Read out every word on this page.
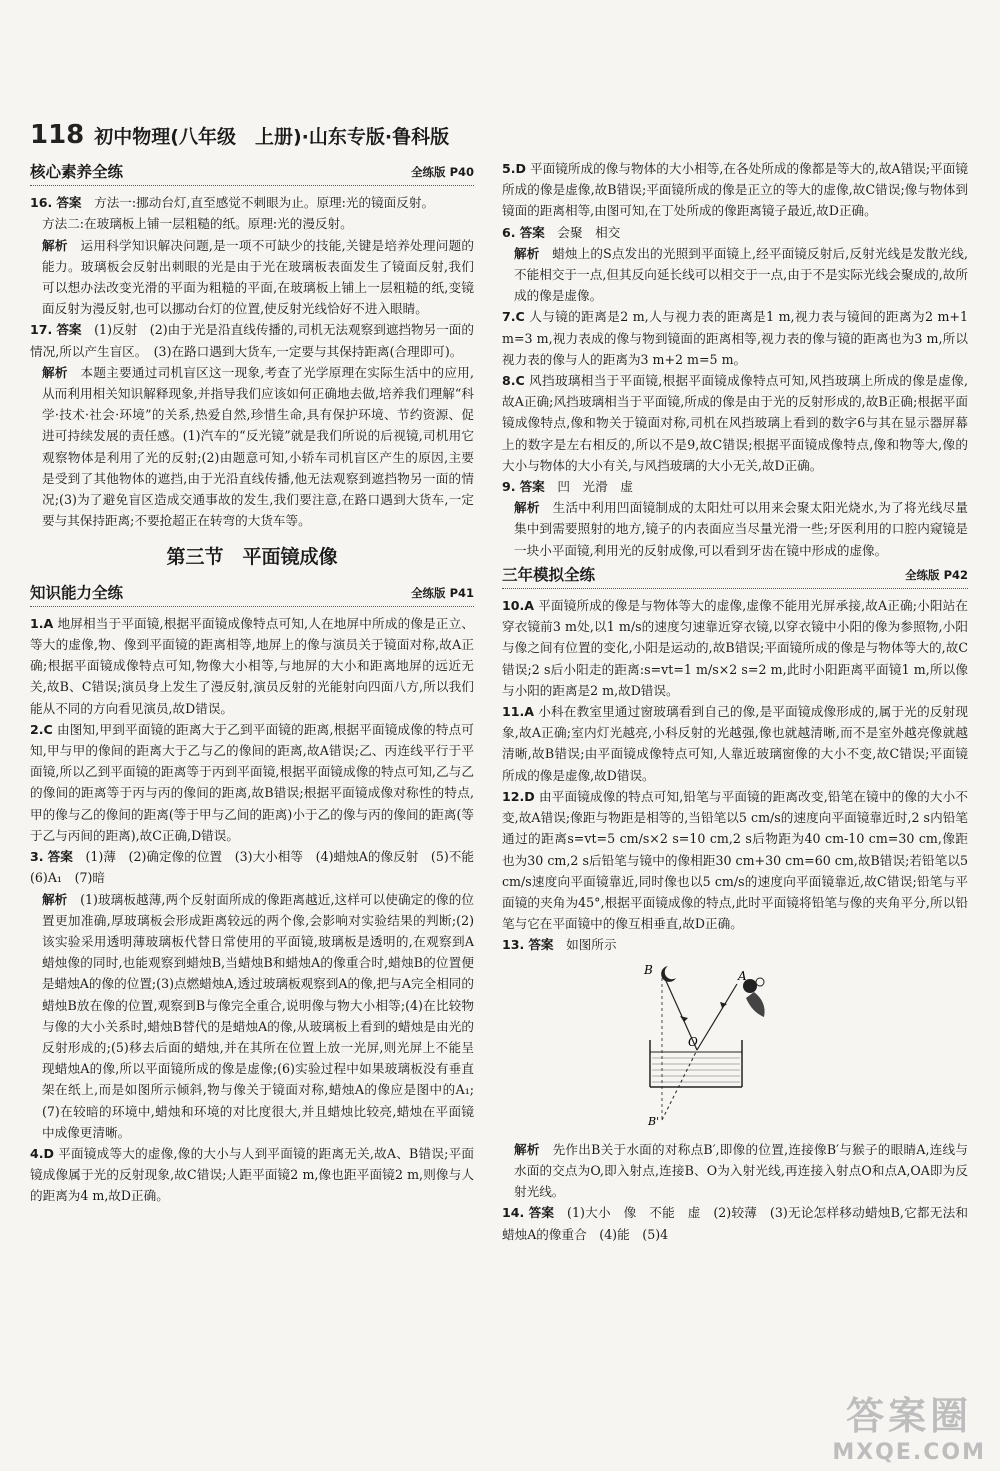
118 初中物理(八年级　上册)·山东专版·鲁科版
核心素养全练	全练版 P40

16. 答案　 方法一:挪动台灯,直至感觉不刺眼为止。原理:光的镜面反射。

方法二:在玻璃板上铺一层粗糙的纸。原理:光的漫反射。

解析　 运用科学知识解决问题,是一项不可缺少的技能,关键是培养处理问题的能力。玻璃板会反射出刺眼的光是由于光在玻璃板表面发生了镜面反射,我们可以想办法改变光滑的平面为粗糙的平面,在玻璃板上铺上一层粗糙的纸,变镜面反射为漫反射,也可以挪动台灯的位置,使反射光线恰好不进入眼睛。

17. 答案　 (1)反射　(2)由于光是沿直线传播的,司机无法观察到遮挡物另一面的情况,所以产生盲区。　(3)在路口遇到大货车,一定要与其保持距离(合理即可)。

解析　 本题主要通过司机盲区这一现象,考查了光学原理在实际生活中的应用,从而利用相关知识解释现象,并指导我们应该如何正确地去做,培养我们理解“科学·技术·社会·环境”的关系,热爱自然,珍惜生命,具有保护环境、节约资源、促进可持续发展的责任感。(1)汽车的“反光镜”就是我们所说的后视镜,司机用它观察物体是利用了光的反射;(2)由题意可知,小轿车司机盲区产生的原因,主要是受到了其他物体的遮挡,由于光沿直线传播,他无法观察到遮挡物另一面的情况;(3)为了避免盲区造成交通事故的发生,我们要注意,在路口遇到大货车,一定要与其保持距离;不要抢超正在转弯的大货车等。

第三节　平面镜成像
知识能力全练	全练版 P41

1.A 地屏相当于平面镜,根据平面镜成像特点可知,人在地屏中所成的像是正立、等大的虚像,物、像到平面镜的距离相等,地屏上的像与演员关于镜面对称,故A正确;根据平面镜成像特点可知,物像大小相等,与地屏的大小和距离地屏的远近无关,故B、C错误;演员身上发生了漫反射,演员反射的光能射向四面八方,所以我们能从不同的方向看见演员,故D错误。

2.C 由图知,甲到平面镜的距离大于乙到平面镜的距离,根据平面镜成像的特点可知,甲与甲的像间的距离大于乙与乙的像间的距离,故A错误;乙、丙连线平行于平面镜,所以乙到平面镜的距离等于丙到平面镜,根据平面镜成像的特点可知,乙与乙的像间的距离等于丙与丙的像间的距离,故B错误;根据平面镜成像对称性的特点,甲的像与乙的像间的距离(等于甲与乙间的距离)小于乙的像与丙的像间的距离(等于乙与丙间的距离),故C正确,D错误。

3. 答案　 (1)薄　(2)确定像的位置　(3)大小相等　(4)蜡烛A的像反射　(5)不能　(6)A₁　(7)暗

解析　 (1)玻璃板越薄,两个反射面所成的像距离越近,这样可以使确定的像的位置更加准确,厚玻璃板会形成距离较远的两个像,会影响对实验结果的判断;(2)该实验采用透明薄玻璃板代替日常使用的平面镜,玻璃板是透明的,在观察到A蜡烛像的同时,也能观察到蜡烛B,当蜡烛B和蜡烛A的像重合时,蜡烛B的位置便是蜡烛A的像的位置;(3)点燃蜡烛A,透过玻璃板观察到A的像,把与A完全相同的蜡烛B放在像的位置,观察到B与像完全重合,说明像与物大小相等;(4)在比较物与像的大小关系时,蜡烛B替代的是蜡烛A的像,从玻璃板上看到的蜡烛是由光的反射形成的;(5)移去后面的蜡烛,并在其所在位置上放一光屏,则光屏上不能呈现蜡烛A的像,所以平面镜所成的像是虚像;(6)实验过程中如果玻璃板没有垂直架在纸上,而是如图所示倾斜,物与像关于镜面对称,蜡烛A的像应是图中的A₁;(7)在较暗的环境中,蜡烛和环境的对比度很大,并且蜡烛比较亮,蜡烛在平面镜中成像更清晰。

4.D 平面镜成等大的虚像,像的大小与人到平面镜的距离无关,故A、B错误;平面镜成像属于光的反射现象,故C错误;人距平面镜2 m,像也距平面镜2 m,则像与人的距离为4 m,故D正确。

5.D 平面镜所成的像与物体的大小相等,在各处所成的像都是等大的,故A错误;平面镜所成的像是虚像,故B错误;平面镜所成的像是正立的等大的虚像,故C错误;像与物体到镜面的距离相等,由图可知,在丁处所成的像距离镜子最近,故D正确。

6. 答案　 会聚　相交

解析　 蜡烛上的S点发出的光照到平面镜上,经平面镜反射后,反射光线是发散光线,不能相交于一点,但其反向延长线可以相交于一点,由于不是实际光线会聚成的,故所成的像是虚像。

7.C 人与镜的距离是2 m,人与视力表的距离是1 m,视力表与镜间的距离为2 m+1 m=3 m,视力表成的像与物到镜面的距离相等,视力表的像与镜的距离也为3 m,所以视力表的像与人的距离为3 m+2 m=5 m。

8.C 风挡玻璃相当于平面镜,根据平面镜成像特点可知,风挡玻璃上所成的像是虚像,故A正确;风挡玻璃相当于平面镜,所成的像是由于光的反射形成的,故B正确;根据平面镜成像特点,像和物关于镜面对称,司机在风挡玻璃上看到的数字6与其在显示器屏幕上的数字是左右相反的,所以不是9,故C错误;根据平面镜成像特点,像和物等大,像的大小与物体的大小有关,与风挡玻璃的大小无关,故D正确。

9. 答案　 凹　光滑　虚

解析　 生活中利用凹面镜制成的太阳灶可以用来会聚太阳光烧水,为了将光线尽量集中到需要照射的地方,镜子的内表面应当尽量光滑一些;牙医利用的口腔内窥镜是一块小平面镜,利用光的反射成像,可以看到牙齿在镜中形成的虚像。

三年模拟全练	全练版 P42

10.A 平面镜所成的像是与物体等大的虚像,虚像不能用光屏承接,故A正确;小阳站在穿衣镜前3 m处,以1 m/s的速度匀速靠近穿衣镜,以穿衣镜中小阳的像为参照物,小阳与像之间有位置的变化,小阳是运动的,故B错误;平面镜所成的像是与物体等大的,故C错误;2 s后小阳走的距离:s=vt=1 m/s×2 s=2 m,此时小阳距离平面镜1 m,所以像与小阳的距离是2 m,故D错误。

11.A 小科在教室里通过窗玻璃看到自己的像,是平面镜成像形成的,属于光的反射现象,故A正确;室内灯光越亮,小科反射的光越强,像也就越清晰,而不是室外越亮像就越清晰,故B错误;由平面镜成像特点可知,人靠近玻璃窗像的大小不变,故C错误;平面镜所成的像是虚像,故D错误。

12.D 由平面镜成像的特点可知,铅笔与平面镜的距离改变,铅笔在镜中的像的大小不变,故A错误;像距与物距是相等的,当铅笔以5 cm/s的速度向平面镜靠近时,2 s内铅笔通过的距离s=vt=5 cm/s×2 s=10 cm,2 s后物距为40 cm-10 cm=30 cm,像距也为30 cm,2 s后铅笔与镜中的像相距30 cm+30 cm=60 cm,故B错误;若铅笔以5 cm/s速度向平面镜靠近,同时像也以5 cm/s的速度向平面镜靠近,故C错误;铅笔与平面镜的夹角为45°,根据平面镜成像的特点,此时平面镜将铅笔与像的夹角平分,所以铅笔与它在平面镜中的像互相垂直,故D正确。

13. 答案　 如图所示

B	A
O
B'

解析　 先作出B关于水面的对称点B′,即像的位置,连接像B′与猴子的眼睛A,连线与水面的交点为O,即入射点,连接B、O为入射光线,再连接入射点O和点A,OA即为反射光线。

14. 答案　 (1)大小　像　不能　虚　(2)较薄　(3)无论怎样移动蜡烛B,它都无法和蜡烛A的像重合　(4)能　(5)4

答案圈
MXQE.COM
